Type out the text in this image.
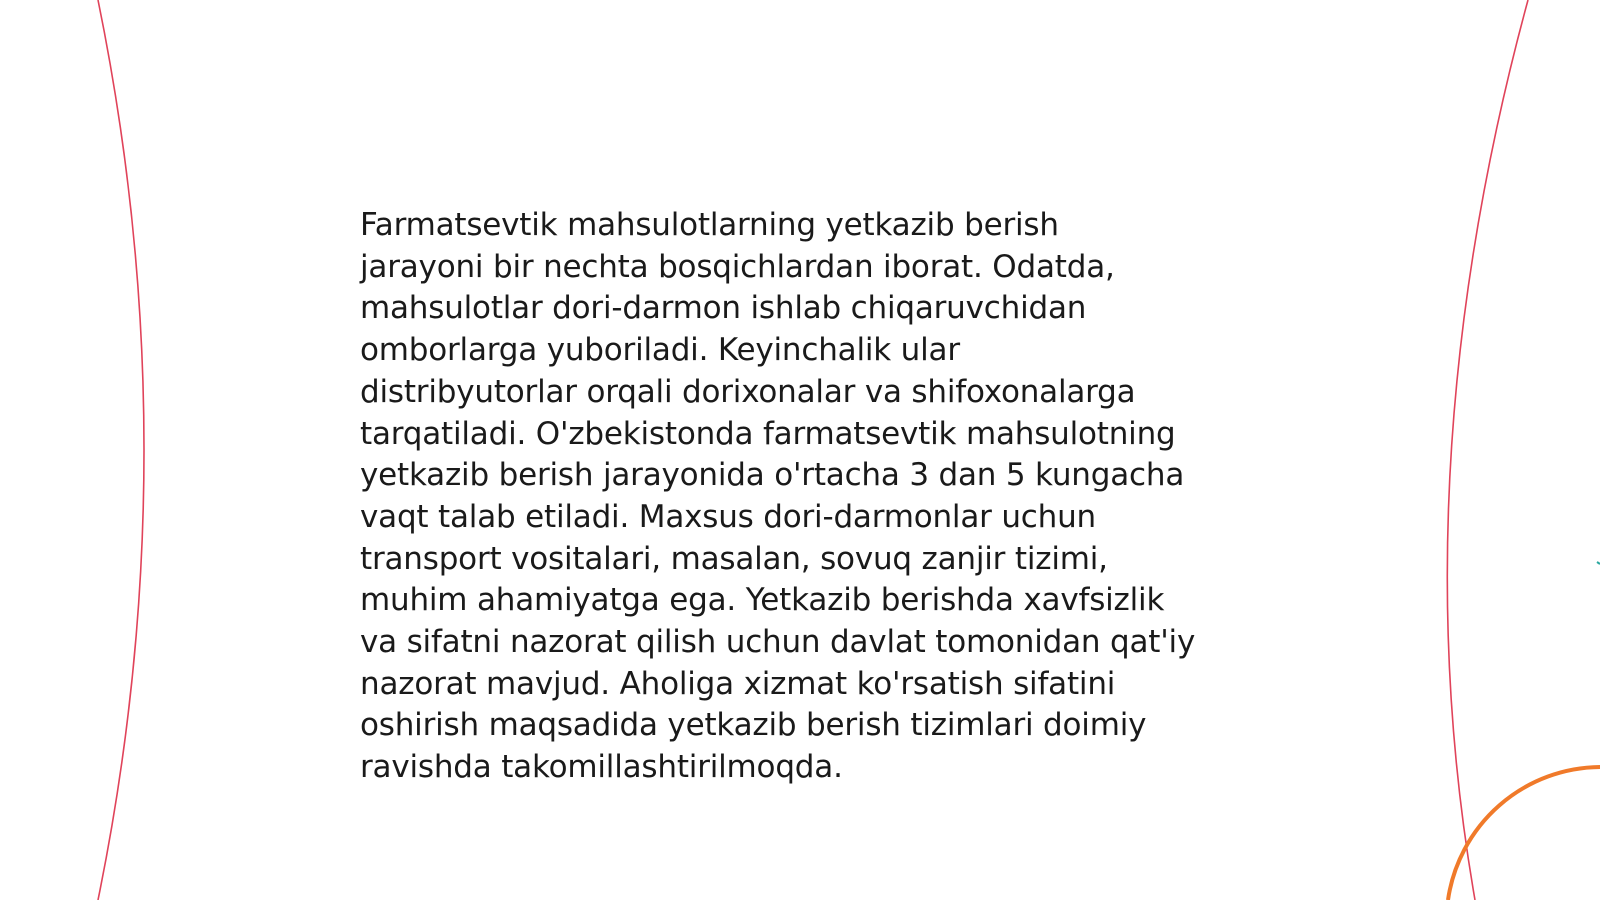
Farmatsevtik mahsulotlarning yetkazib berish
jarayoni bir nechta bosqichlardan iborat. Odatda,
mahsulotlar dori-darmon ishlab chiqaruvchidan
omborlarga yuboriladi. Keyinchalik ular
distribyutorlar orqali dorixonalar va shifoxonalarga
tarqatiladi. O'zbekistonda farmatsevtik mahsulotning
yetkazib berish jarayonida o'rtacha 3 dan 5 kungacha
vaqt talab etiladi. Maxsus dori-darmonlar uchun
transport vositalari, masalan, sovuq zanjir tizimi,
muhim ahamiyatga ega. Yetkazib berishda xavfsizlik
va sifatni nazorat qilish uchun davlat tomonidan qat'iy
nazorat mavjud. Aholiga xizmat ko'rsatish sifatini
oshirish maqsadida yetkazib berish tizimlari doimiy
ravishda takomillashtirilmoqda.
